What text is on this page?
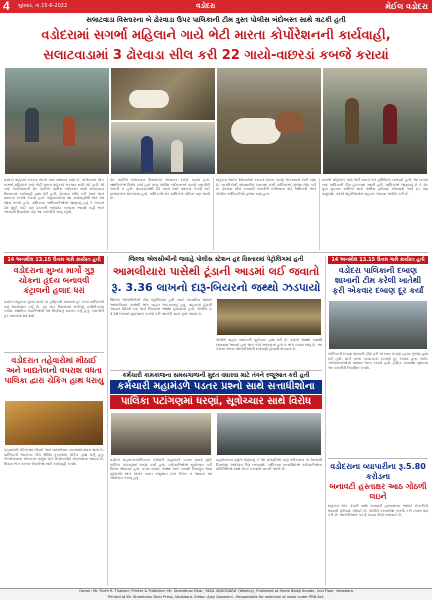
4 બુધવાર, તા.15-6-2022	વડોદરા	મેઈલ વડોદરા
સલાટવાડા વિસ્તારના બે ઢોરવાડા ઉપર પાલિકાની ટીમ ત્રુસ્ત પોલીસ બંદોબસ્ત સાથે ત્રાટકી હતી
વડોદરામાં સગર્ભા મહિલાને ગાયે ભેટી મારતા કોર્પોરેશનની કાર્યવાહી,
સલાટવાડામાં 3 ઢોરવાડા સીલ કરી 22 ગાયો-વાછરડાં કબજે કરાયાં
વડોદરા શહેરમાં રખડતા ઢોરનો ત્રાસ યથાવત રહ્યો છે. તાજેતરમાં એક સગર્ભા મહિલાને ગાયે ભેટી મારતા શહેરમાં ચકચાર મચી ગઈ હતી. જે બાદ કોર્પોરેશનની ઢોર પાર્ટીએ પોલીસ બંદોબસ્ત સાથે સલાટવાડા વિસ્તારમાં કાર્યવાહી હાથ ધરી હતી. ઢોરવાડા સીલ કરી ગાયો અને વાછરડાં કબજે કરાયાં હતાં. પશુપાલકોમાં આ કાર્યવાહીથી ભારે રોષ જોવા મળ્યો હતો. પાલિકાના અધિકારીઓએ જણાવ્યું હતું કે રખડતાં ઢોર મુદ્દે કોઈ પણ પ્રકારની બાંધછોડ કરવામાં આવશે નહીં અને આગામી દિવસોમાં પણ આ કામગીરી ચાલુ રહેશે.
ઢોર પાર્ટીએ સલાટવાડા વિસ્તારમાં અચાનક દરોડો પાડ્યો હતો. સ્થાનિકોએ વિરોધ કર્યો હતો પરંતુ પોલીસ બંદોબસ્તને કારણે કામગીરી અટકી ન હતી. ઢોરવાડામાંથી 22 ગાયો અને વાછરડાં ઝડપી લઈ પાંજરાપોળ મોકલાયાં હતાં. પાલિકાએ ઢોર માલિકોને નોટિસ પણ આપી છે.
શહેરના અનેક વિસ્તારોમાં રખડતાં ઢોરના કારણે અકસ્માતો બની રહ્યા છે. નાગરિકોની સલામતીને ધ્યાનમાં રાખી પાલિકાએ ઝુંબેશ તેજ કરી છે. ઢોરવાડા સીલ કરવાની કામગીરી દરમિયાન વોર્ડ અધિકારી અને પોલીસ અધિકારીઓ હાજર રહ્યા હતા.
સગર્ભા મહિલાને ગાયે ભેટી મારતાં તેને હોસ્પિટલ ખસેડાઈ હતી. આ બનાવ બાદ પાલિકાની ટીમ હરકતમાં આવી હતી. પાલિકાએ જણાવ્યું છે કે ઢોર છૂટાં મૂકનાર માલિકો સામે પોલીસ ફરિયાદ નોંધાવાશે અને દંડ પણ વસૂલાશે. તંત્રએ શહેરીજનોને સહકાર આપવા અપીલ કરી છે.
14 અનમોલ 13.15 ઉત્તમ ગામે કાર્યરત હતી
વડોદરાના મુખ્ય માર્ગો ગુરૂ ચોકના હૃદય બનાવવી કંટ્રાલની હલાદ ધરાં
વડોદરા શહેરના મુખ્ય માર્ગો પર ટ્રાફિકની સમસ્યા દૂર કરવા પાલિકાએ નવું આયોજન કર્યું છે. ગુરૂ ચોક વિસ્તારમાં સર્કલનું નવીનીકરણ કરાશે. સ્થાનિક વેપારીઓએ આ નિર્ણયનું સ્વાગત કર્યું હતું. કામગીરી ટૂંક સમયમાં શરૂ થશે.
વડોદરાત તહેવારોમાં મીઠાઈ અને ખાદ્યતેલનો વપરાશ વધતા પાલિકા દ્વારા ચેકિંગ હાથ ધરાયુ
તહેવારોની સીઝનમાં મીઠાઈ અને ખાદ્યતેલના વપરાશમાં વધારો થયો છે. પાલિકાની આરોગ્ય ટીમે વિવિધ દુકાનોમાં ચેકિંગ હાથ ધર્યું હતું. ભેળસેળવાળા ખોરાકના નમૂના લઈ લેબોરેટરીમાં મોકલવામાં આવ્યા છે. નિયમ ભંગ કરનાર વેપારીઓ સામે કાર્યવાહી કરાશે.
જિલ્લા એલસીબીની જવાહે પોલીસ સ્ટેશન હદ વિસ્તારમાં પેટ્રોલિંગમાં હતી
આમલીયારા પાસેથી ટૂંડાની આડમાં લઈ જવાતો
રૂ. 3.36 લાખનો દારૂ-બિયરનો જથ્થો ઝડપાયો
જિલ્લા એલસીબીની ટીમ પેટ્રોલિંગમાં હતી ત્યારે બાતમીના આધારે આમલીયારા પાસેથી એક વાહન અટકાવાયું હતું. વાહનમાં ટૂંડાની આડમાં વિદેશી દારૂ અને બિયરનો જથ્થો છુપાવાયો હતો. પોલીસે રૂ. 3.36 લાખનો મુદ્દામાલ કબજે કરી આરોપી સામે ગુનો નોંધ્યો છે.
પોલીસે વાહન ચાલકની પૂછપરછ હાથ ધરી છે. દારૂનો જથ્થો ક્યાંથી લાવવામાં આવ્યો હતો અને કોને આપવાનો હતો તે અંગે તપાસ ચાલુ છે. આ કેસમાં અન્ય આરોપીઓની સંડોવણી હોવાની શક્યતા છે.
કર્મચારી કામકાજના સમયગાળાની મુદત વધારવા માટે તંત્રને રજૂઆત કરી હતી
કર્મચારી મહામંડળે પડતર પ્રશ્નો સાથે સત્તાધીશોના
પાલિકા પટાંગણમાં ધરણાં, સૂત્રોચ્ચાર સાથે વિરોધ
વડોદરા મહાનગરપાલિકાના કર્મચારી મહામંડળે પડતર પ્રશ્નો મુદ્દે પાલિકા પટાંગણમાં ધરણાં કર્યાં હતાં. કર્મચારીઓએ સૂત્રોચ્ચાર કરી વિરોધ નોંધાવ્યો હતો. પગાર વધારો, ભથ્થાં અને કાયમી નિમણૂક જેવા મુદ્દાઓ અંગે અનેક વખત રજૂઆત છતાં ઉકેલ ન આવતાં આ આંદોલન કરાયું હતું.
મહામંડળના પ્રમુખે જણાવ્યું કે જો માંગણીઓ નહીં સ્વીકારાય તો આગામી દિવસોમાં આંદોલન ઉગ્ર બનાવાશે. પાલિકાના સત્તાધીશોએ કર્મચારીઓના પ્રતિનિધિઓ સાથે બેઠક કરવાની ખાતરી આપી છે.
14 અનમોલ 13.15 ઉત્તમ ગામે કાર્યરત હતી
વડોદરા પાલિકાની દબાણ શાખાની ટીમ કરેલી ખાતેથી ફરી એકવાર દબાણ દૂર કર્યાં
પાલિકાની દબાણ શાખાની ટીમે ફરી એકવાર દબાણ હટાવ ઝુંબેશ હાથ ધરી હતી. માર્ગ પરનાં કાચાં-પાકાં દબાણો દૂર કરાયાં હતાં. લારી-ગલ્લાવાળાઓનો સામાન જપ્ત કરાયો હતો. ટ્રાફિક વ્યવસ્થા સુધારવા આ કામગીરી નિયમિત કરાશે.
વડોદરાના વ્યાપારીના રૂ.5.80 કરોડના
બનાવટી હસ્તાક્ષર આઠ ગોઠળી લઇને
શહેરના એક વેપારી સાથે બનાવટી હસ્તાક્ષરના આધારે છેતરપિંડી થયાની ફરિયાદ નોંધાઈ છે. પોલીસે દસ્તાવેજો કબજે કરી તપાસ શરૂ કરી છે. આરોપીઓને પકડી પાડવા ટીમો બનાવાઈ છે.
Owner: Mr. Parth R. Thakkar, Printer & Publisher: Mr. Shambhav Dhar, 'MAIL VADODARA' (Weekly), Published at Shree Balaji Arcade, 2nd Floor, Vadodara
Printed at Mr. Shambhav Dhar Press, Vadodara. Editor: Ajay Goswami - Responsible for selection of news under PRB Act.
